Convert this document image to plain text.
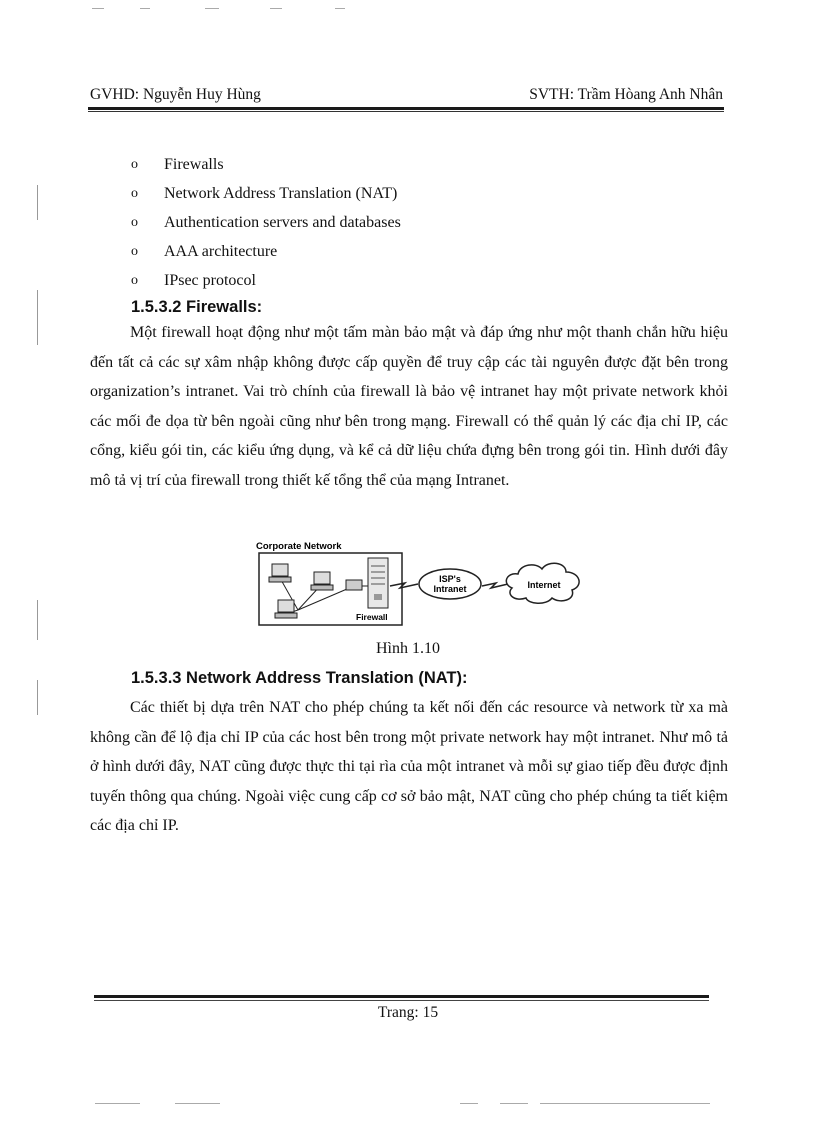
GVHD: Nguyễn Huy Hùng	SVTH: Trầm Hòang Anh Nhân
o	Firewalls
o	Network Address Translation (NAT)
o	Authentication servers and databases
o	AAA architecture
o	IPsec protocol
1.5.3.2 Firewalls:

Một firewall hoạt động như một tấm màn bảo mật và đáp ứng như một thanh chắn hữu hiệu đến tất cả các sự xâm nhập không được cấp quyền để truy cập các tài nguyên được đặt bên trong organization’s intranet. Vai trò chính của firewall là bảo vệ intranet hay một private network khỏi các mối đe dọa từ bên ngoài cũng như bên trong mạng. Firewall có thể quản lý các địa chỉ IP, các cổng, kiểu gói tin, các kiểu ứng dụng, và kể cả dữ liệu chứa đựng bên trong gói tin. Hình dưới đây mô tả vị trí của firewall trong thiết kế tổng thể của mạng Intranet.

Corporate Network
Firewall
ISP's
Intranet	Internet
Hình 1.10
1.5.3.3 Network Address Translation (NAT):

Các thiết bị dựa trên NAT cho phép chúng ta kết nối đến các resource và network từ xa mà không cần để lộ địa chỉ IP của các host bên trong một private network hay một intranet. Như mô tả ở hình dưới đây, NAT cũng được thực thi tại rìa của một intranet và mỗi sự giao tiếp đều được định tuyến thông qua chúng. Ngoài việc cung cấp cơ sở bảo mật, NAT cũng cho phép chúng ta tiết kiệm các địa chỉ IP.

Trang: 15
